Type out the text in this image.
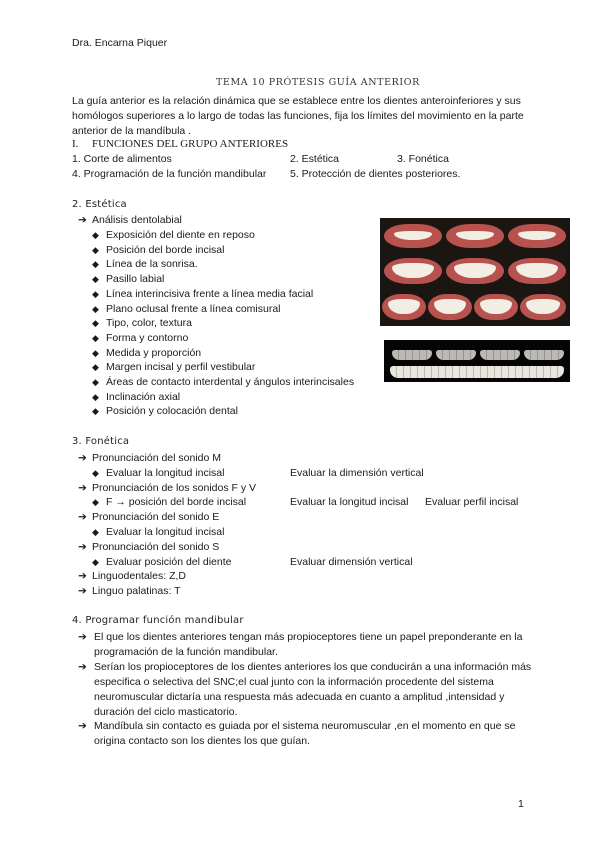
Dra. Encarna Piquer
TEMA 10 PRÓTESIS GUÍA ANTERIOR
La guía anterior es la relación dinámica que se establece entre los dientes anteroinferiores y sus homólogos superiores a lo largo de todas las funciones, fija los límites del movimiento en la parte anterior de la mandíbula .
I. FUNCIONES DEL GRUPO ANTERIORES
1. Corte de alimentos	2. Estética	3. Fonética
4. Programación de la función mandibular 5. Protección de dientes posteriores.
2. Estética
➔ Análisis dentolabial
◆ Exposición del diente en reposo
◆ Posición del borde incisal
◆ Línea de la sonrisa.
◆ Pasillo labial
◆ Línea interincisiva frente a línea media facial
◆ Plano oclusal frente a línea comisural
◆ Tipo, color, textura
◆ Forma y contorno
◆ Medida y proporción
◆ Margen incisal y perfil vestibular
◆ Áreas de contacto interdental y ángulos interincisales
◆ Inclinación axial
◆ Posición y colocación dental
3. Fonética
➔ Pronunciación del sonido M
◆ Evaluar la longitud incisal	Evaluar la dimensión vertical
➔ Pronunciación de los sonidos F y V
◆ F → posición del borde incisal	Evaluar la longitud incisal Evaluar perfil incisal
➔ Pronunciación del sonido E
◆ Evaluar la longitud incisal
➔ Pronunciación del sonido S
◆ Evaluar posición del diente	Evaluar dimensión vertical
➔ Linguodentales: Z,D
➔ Linguo palatinas: T
4. Programar función mandibular
➔ El que los dientes anteriores tengan más propioceptores tiene un papel preponderante en la programación de la función mandibular.
➔ Serían los propioceptores de los dientes anteriores los que conducirán a una información más especifica o selectiva del SNC;el cual junto con la información procedente del sistema neuromuscular dictaría una respuesta más adecuada en cuanto a amplitud ,intensidad y duración del ciclo masticatorio.
➔ Mandíbula sin contacto es guiada por el sistema neuromuscular ,en el momento en que se origina contacto son los dientes los que guían.
1
